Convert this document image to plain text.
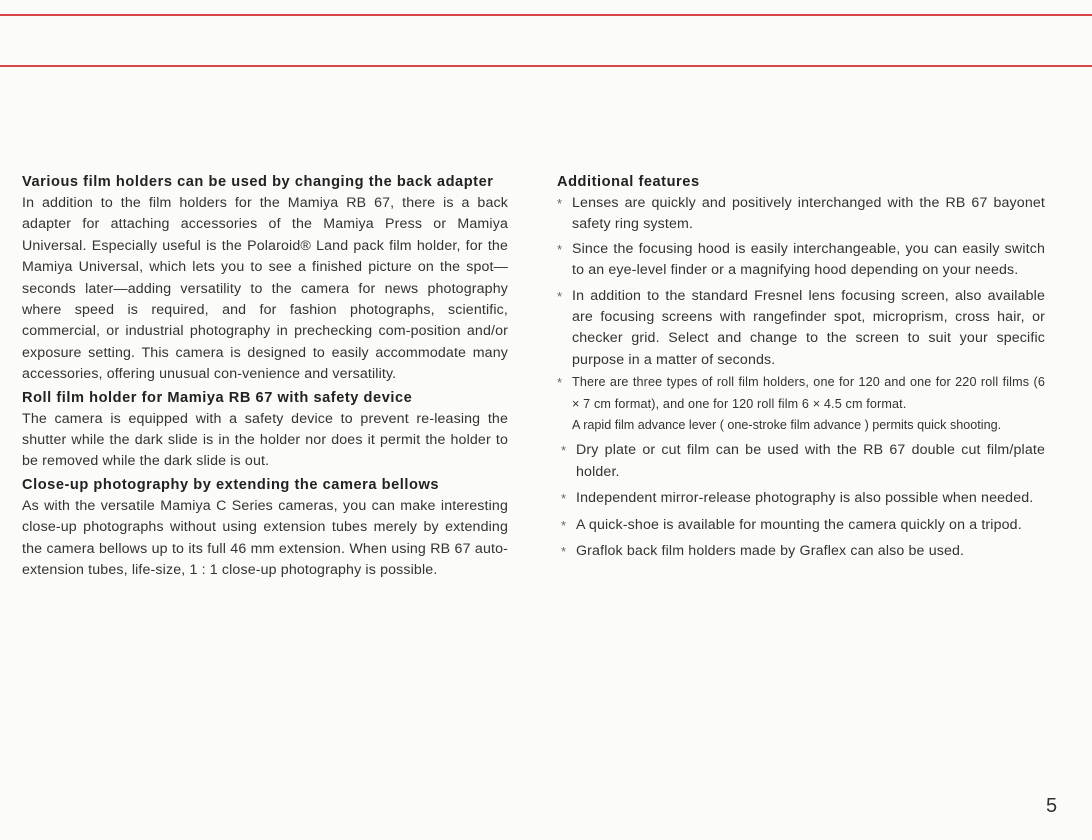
Various film holders can be used by changing the back adapter

In addition to the film holders for the Mamiya RB 67, there is a back adapter for attaching accessories of the Mamiya Press or Mamiya Universal. Especially useful is the Polaroid® Land pack film holder, for the Mamiya Universal, which lets you to see a finished picture on the spot—seconds later—adding versatility to the camera for news photography where speed is required, and for fashion photographs, scientific, commercial, or industrial photography in prechecking com-position and/or exposure setting. This camera is designed to easily accommodate many accessories, offering unusual con-venience and versatility.

Roll film holder for Mamiya RB 67 with safety device

The camera is equipped with a safety device to prevent re-leasing the shutter while the dark slide is in the holder nor does it permit the holder to be removed while the dark slide is out.

Close-up photography by extending the camera bellows

As with the versatile Mamiya C Series cameras, you can make interesting close-up photographs without using extension tubes merely by extending the camera bellows up to its full 46 mm extension. When using RB 67 auto-extension tubes, life-size, 1 : 1 close-up photography is possible.

Additional features

* Lenses are quickly and positively interchanged with the RB 67 bayonet safety ring system.
* Since the focusing hood is easily interchangeable, you can easily switch to an eye-level finder or a magnifying hood depending on your needs.
* In addition to the standard Fresnel lens focusing screen, also available are focusing screens with rangefinder spot, microprism, cross hair, or checker grid. Select and change to the screen to suit your specific purpose in a matter of seconds.
* There are three types of roll film holders, one for 120 and one for 220 roll films (6 × 7 cm format), and one for 120 roll film 6 × 4.5 cm format.

A rapid film advance lever ( one-stroke film advance ) permits quick shooting.

* Dry plate or cut film can be used with the RB 67 double cut film/plate holder.
* Independent mirror-release photography is also possible when needed.
* A quick-shoe is available for mounting the camera quickly on a tripod.
* Graflok back film holders made by Graflex can also be used.
5
